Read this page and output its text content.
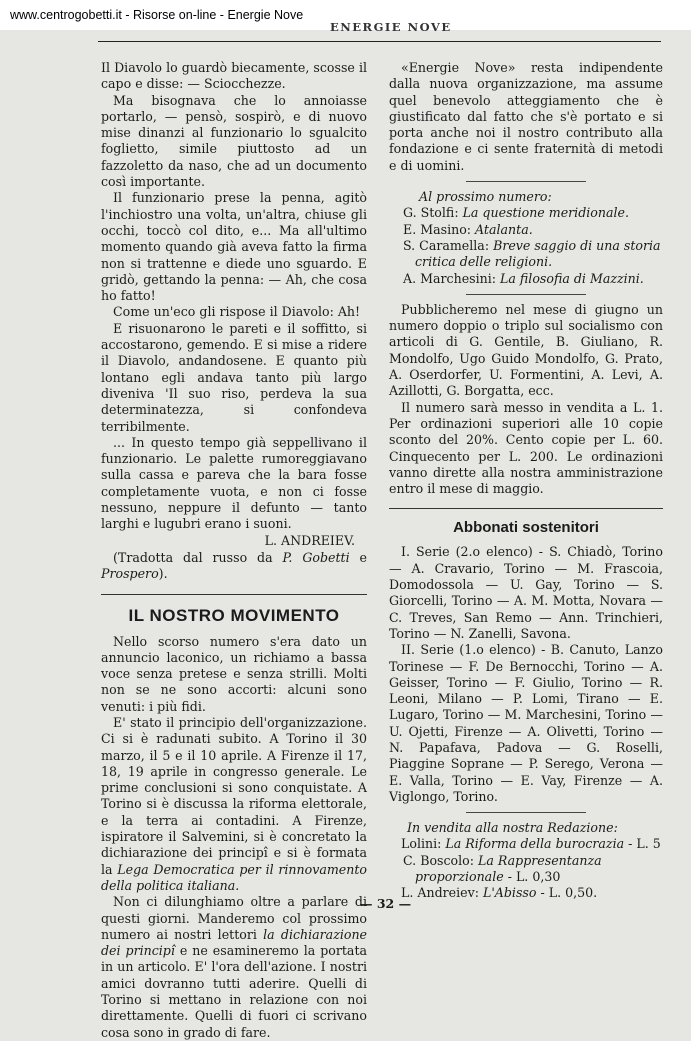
www.centrogobetti.it - Risorse on-line - Energie Nove
ENERGIE NOVE

Il Diavolo lo guardò biecamente, scosse il capo e disse: — Sciocchezze.

Ma bisognava che lo annoiasse portarlo, — pensò, sospirò, e di nuovo mise dinanzi al funzionario lo sgualcito foglietto, simile piuttosto ad un fazzoletto da naso, che ad un documento così importante.

Il funzionario prese la penna, agitò l'inchiostro una volta, un'altra, chiuse gli occhi, toccò col dito, e... Ma all'ultimo momento quando già aveva fatto la firma non si trattenne e diede uno sguardo. E gridò, gettando la penna: — Ah, che cosa ho fatto!

Come un'eco gli rispose il Diavolo: Ah!

E risuonarono le pareti e il soffitto, si accostarono, gemendo. E si mise a ridere il Diavolo, andandosene. E quanto più lontano egli andava tanto più largo diveniva 'Il suo riso, perdeva la sua determinatezza, si confondeva terribilmente.

... In questo tempo già seppellivano il funzionario. Le palette rumoreggiavano sulla cassa e pareva che la bara fosse completamente vuota, e non ci fosse nessuno, neppure il defunto — tanto larghi e lugubri erano i suoni.

L. ANDREIEV.

(Tradotta dal russo da P. Gobetti e Prospero).

IL NOSTRO MOVIMENTO

Nello scorso numero s'era dato un annuncio laconico, un richiamo a bassa voce senza pretese e senza strilli. Molti non se ne sono accorti: alcuni sono venuti: i più fidi.

E' stato il principio dell'organizzazione. Ci si è radunati subito. A Torino il 30 marzo, il 5 e il 10 aprile. A Firenze il 17, 18, 19 aprile in congresso generale. Le prime conclusioni si sono conquistate. A Torino si è discussa la riforma elettorale, e la terra ai contadini. A Firenze, ispiratore il Salvemini, si è concretato la dichiarazione dei principî e si è formata la Lega Democratica per il rinnovamento della politica italiana.

Non ci dilunghiamo oltre a parlare di questi giorni. Manderemo col prossimo numero ai nostri lettori la dichiarazione dei principî e ne esamineremo la portata in un articolo. E' l'ora dell'azione. I nostri amici dovranno tutti aderire. Quelli di Torino si mettano in relazione con noi direttamente. Quelli di fuori ci scrivano cosa sono in grado di fare.

«Energie Nove» resta indipendente dalla nuova organizzazione, ma assume quel benevolo atteggiamento che è giustificato dal fatto che s'è portato e si porta anche noi il nostro contributo alla fondazione e ci sente fraternità di metodi e di uomini.

Al prossimo numero:
G. Stolfi: La questione meridionale.
E. Masino: Atalanta.
S. Caramella: Breve saggio di una storia critica delle religioni.
A. Marchesini: La filosofia di Mazzini.

Pubblicheremo nel mese di giugno un numero doppio o triplo sul socialismo con articoli di G. Gentile, B. Giuliano, R. Mondolfo, Ugo Guido Mondolfo, G. Prato, A. Oserdorfer, U. Formentini, A. Levi, A. Azillotti, G. Borgatta, ecc.

Il numero sarà messo in vendita a L. 1. Per ordinazioni superiori alle 10 copie sconto del 20%. Cento copie per L. 60. Cinquecento per L. 200. Le ordinazioni vanno dirette alla nostra amministrazione entro il mese di maggio.

Abbonati sostenitori

I. Serie (2.o elenco) - S. Chiadò, Torino — A. Cravario, Torino — M. Frascoia, Domodossola — U. Gay, Torino — S. Giorcelli, Torino — A. M. Motta, Novara — C. Treves, San Remo — Ann. Trinchieri, Torino — N. Zanelli, Savona.

II. Serie (1.o elenco) - B. Canuto, Lanzo Torinese — F. De Bernocchi, Torino — A. Geisser, Torino — F. Giulio, Torino — R. Leoni, Milano — P. Lomi, Tirano — E. Lugaro, Torino — M. Marchesini, Torino — U. Ojetti, Firenze — A. Olivetti, Torino — N. Papafava, Padova — G. Roselli, Piaggine Soprane — P. Serego, Verona — E. Valla, Torino — E. Vay, Firenze — A. Viglongo, Torino.

In vendita alla nostra Redazione:
Lolini: La Riforma della burocrazia - L. 5
C. Boscolo: La Rappresentanza proporzionale - L. 0,30
L. Andreiev: L'Abisso - L. 0,50.
— 32 —
